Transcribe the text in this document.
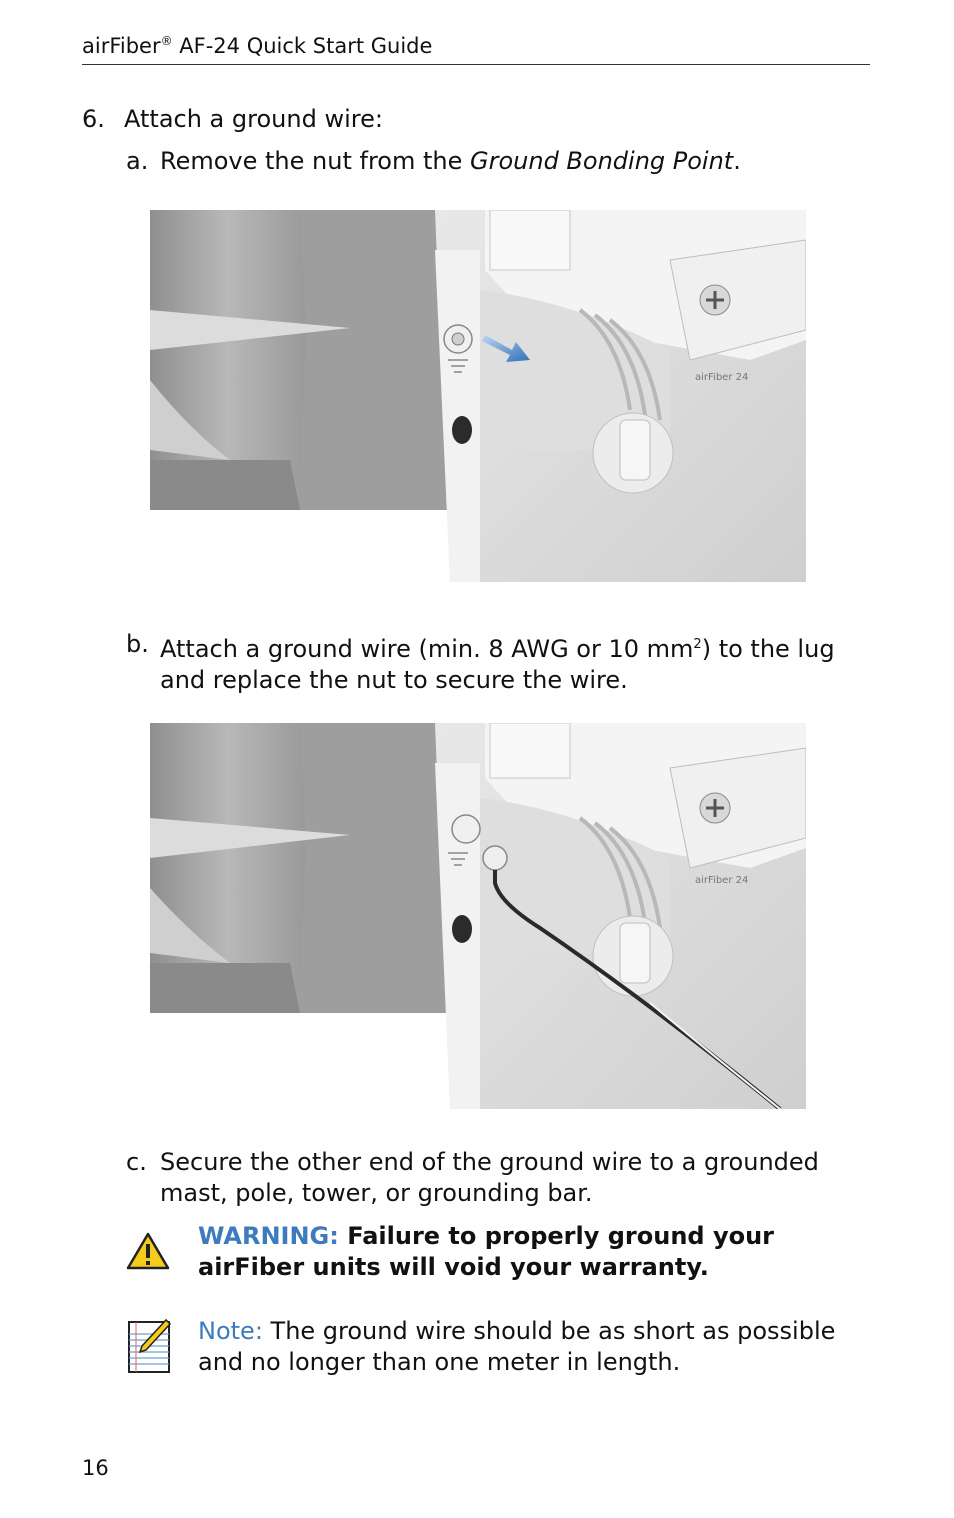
airFiber® AF-24 Quick Start Guide
6. Attach a ground wire:
a. Remove the nut from the Ground Bonding Point.
airFiber 24
b. Attach a ground wire (min. 8 AWG or 10 $mm^2$) to the lug and replace the nut to secure the wire.
airFiber 24
c. Secure the other end of the ground wire to a grounded mast, pole, tower, or grounding bar.
WARNING: Failure to properly ground your airFiber units will void your warranty.
Note: The ground wire should be as short as possible and no longer than one meter in length.
16
